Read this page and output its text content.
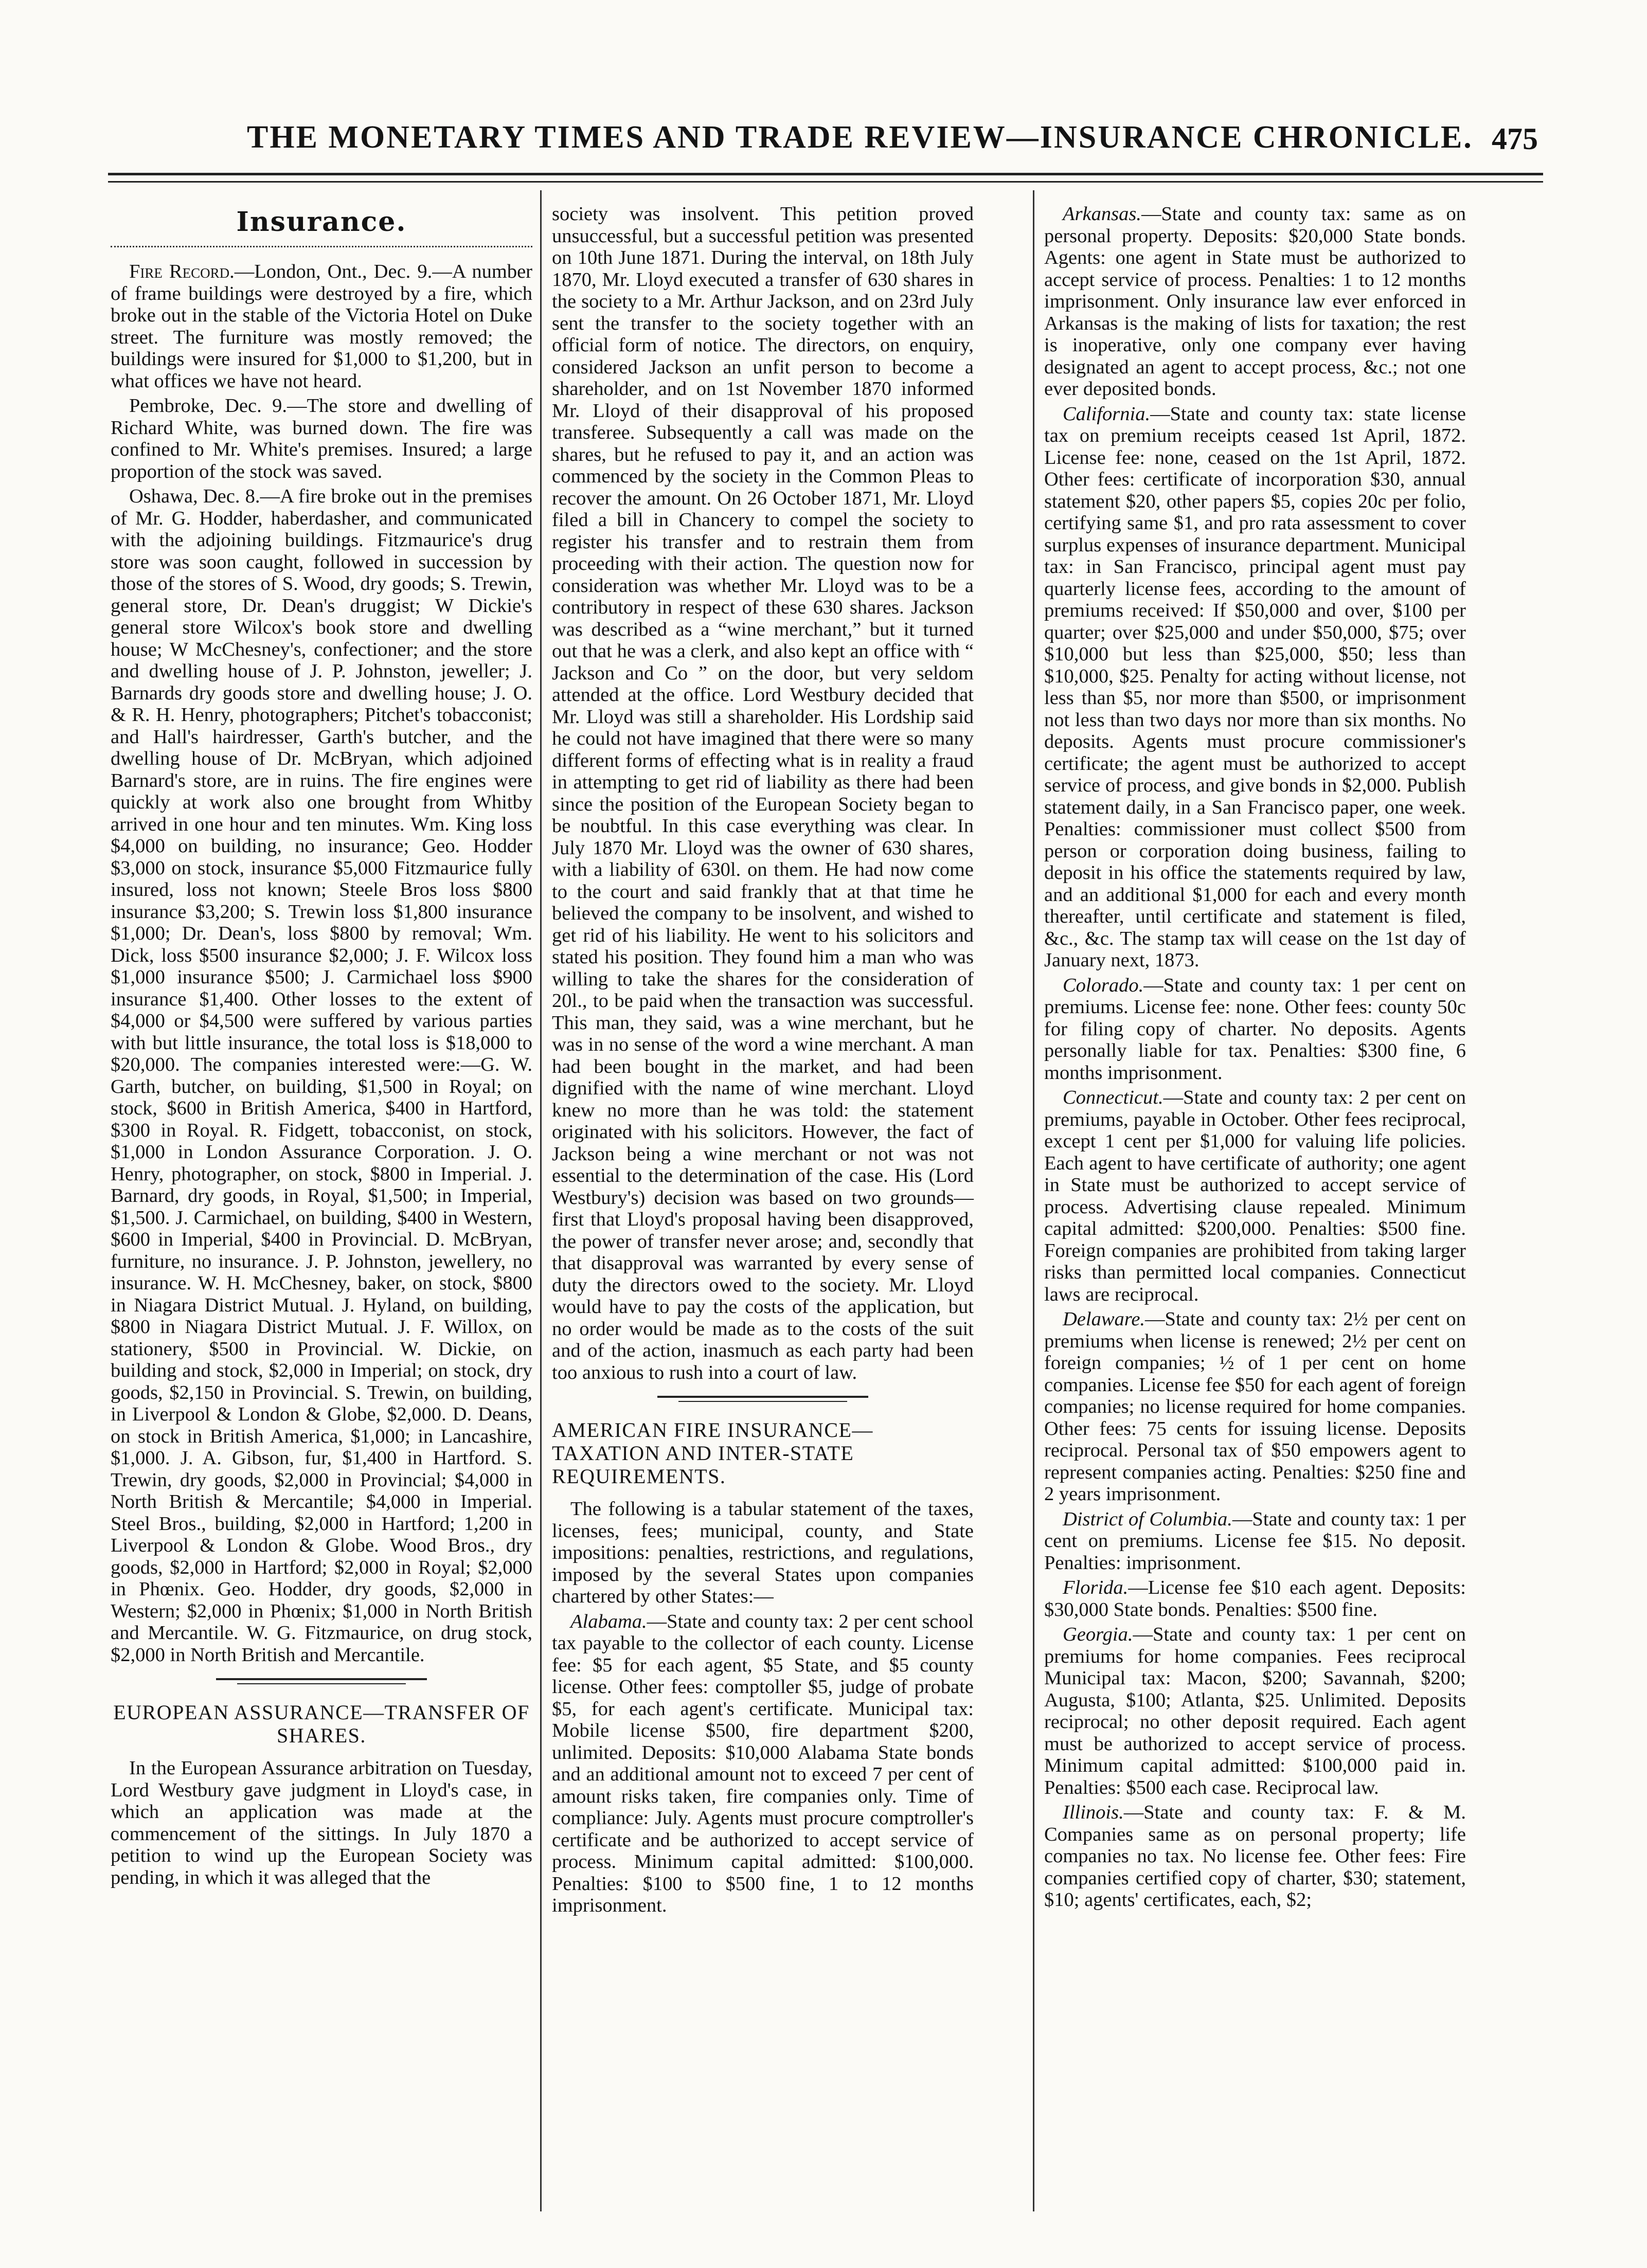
THE MONETARY TIMES AND TRADE REVIEW—INSURANCE CHRONICLE. 475
Insurance.

Fire Record.—London, Ont., Dec. 9.—A number of frame buildings were destroyed by a fire, which broke out in the stable of the Victoria Hotel on Duke street. The furniture was mostly removed; the buildings were insured for $1,000 to $1,200, but in what offices we have not heard.

Pembroke, Dec. 9.—The store and dwelling of Richard White, was burned down. The fire was confined to Mr. White's premises. Insured; a large proportion of the stock was saved.

Oshawa, Dec. 8.—A fire broke out in the premises of Mr. G. Hodder, haberdasher, and communicated with the adjoining buildings. Fitzmaurice's drug store was soon caught, followed in succession by those of the stores of S. Wood, dry goods; S. Trewin, general store, Dr. Dean's druggist; W Dickie's general store Wilcox's book store and dwelling house; W McChesney's, confectioner; and the store and dwelling house of J. P. Johnston, jeweller; J. Barnards dry goods store and dwelling house; J. O. & R. H. Henry, photographers; Pitchet's tobacconist; and Hall's hairdresser, Garth's butcher, and the dwelling house of Dr. McBryan, which adjoined Barnard's store, are in ruins. The fire engines were quickly at work also one brought from Whitby arrived in one hour and ten minutes. Wm. King loss $4,000 on building, no insurance; Geo. Hodder $3,000 on stock, insurance $5,000 Fitzmaurice fully insured, loss not known; Steele Bros loss $800 insurance $3,200; S. Trewin loss $1,800 insurance $1,000; Dr. Dean's, loss $800 by removal; Wm. Dick, loss $500 insurance $2,000; J. F. Wilcox loss $1,000 insurance $500; J. Carmichael loss $900 insurance $1,400. Other losses to the extent of $4,000 or $4,500 were suffered by various parties with but little insurance, the total loss is $18,000 to $20,000. The companies interested were:—G. W. Garth, butcher, on building, $1,500 in Royal; on stock, $600 in British America, $400 in Hartford, $300 in Royal. R. Fidgett, tobacconist, on stock, $1,000 in London Assurance Corporation. J. O. Henry, photographer, on stock, $800 in Imperial. J. Barnard, dry goods, in Royal, $1,500; in Imperial, $1,500. J. Carmichael, on building, $400 in Western, $600 in Imperial, $400 in Provincial. D. McBryan, furniture, no insurance. J. P. Johnston, jewellery, no insurance. W. H. McChesney, baker, on stock, $800 in Niagara District Mutual. J. Hyland, on building, $800 in Niagara District Mutual. J. F. Willox, on stationery, $500 in Provincial. W. Dickie, on building and stock, $2,000 in Imperial; on stock, dry goods, $2,150 in Provincial. S. Trewin, on building, in Liverpool & London & Globe, $2,000. D. Deans, on stock in British America, $1,000; in Lancashire, $1,000. J. A. Gibson, fur, $1,400 in Hartford. S. Trewin, dry goods, $2,000 in Provincial; $4,000 in North British & Mercantile; $4,000 in Imperial. Steel Bros., building, $2,000 in Hartford; 1,200 in Liverpool & London & Globe. Wood Bros., dry goods, $2,000 in Hartford; $2,000 in Royal; $2,000 in Phœnix. Geo. Hodder, dry goods, $2,000 in Western; $2,000 in Phœnix; $1,000 in North British and Mercantile. W. G. Fitzmaurice, on drug stock, $2,000 in North British and Mercantile.

EUROPEAN ASSURANCE—TRANSFER OF SHARES.

In the European Assurance arbitration on Tuesday, Lord Westbury gave judgment in Lloyd's case, in which an application was made at the commencement of the sittings. In July 1870 a petition to wind up the European Society was pending, in which it was alleged that the

society was insolvent. This petition proved unsuccessful, but a successful petition was presented on 10th June 1871. During the interval, on 18th July 1870, Mr. Lloyd executed a transfer of 630 shares in the society to a Mr. Arthur Jackson, and on 23rd July sent the transfer to the society together with an official form of notice. The directors, on enquiry, considered Jackson an unfit person to become a shareholder, and on 1st November 1870 informed Mr. Lloyd of their disapproval of his proposed transferee. Subsequently a call was made on the shares, but he refused to pay it, and an action was commenced by the society in the Common Pleas to recover the amount. On 26 October 1871, Mr. Lloyd filed a bill in Chancery to compel the society to register his transfer and to restrain them from proceeding with their action. The question now for consideration was whether Mr. Lloyd was to be a contributory in respect of these 630 shares. Jackson was described as a “wine merchant,” but it turned out that he was a clerk, and also kept an office with “ Jackson and Co ” on the door, but very seldom attended at the office. Lord Westbury decided that Mr. Lloyd was still a shareholder. His Lordship said he could not have imagined that there were so many different forms of effecting what is in reality a fraud in attempting to get rid of liability as there had been since the position of the European Society began to be noubtful. In this case everything was clear. In July 1870 Mr. Lloyd was the owner of 630 shares, with a liability of 630l. on them. He had now come to the court and said frankly that at that time he believed the company to be insolvent, and wished to get rid of his liability. He went to his solicitors and stated his position. They found him a man who was willing to take the shares for the consideration of 20l., to be paid when the transaction was successful. This man, they said, was a wine merchant, but he was in no sense of the word a wine merchant. A man had been bought in the market, and had been dignified with the name of wine merchant. Lloyd knew no more than he was told: the statement originated with his solicitors. However, the fact of Jackson being a wine merchant or not was not essential to the determination of the case. His (Lord Westbury's) decision was based on two grounds—first that Lloyd's proposal having been disapproved, the power of transfer never arose; and, secondly that that disapproval was warranted by every sense of duty the directors owed to the society. Mr. Lloyd would have to pay the costs of the application, but no order would be made as to the costs of the suit and of the action, inasmuch as each party had been too anxious to rush into a court of law.

AMERICAN FIRE INSURANCE—TAXATION AND INTER-STATE REQUIREMENTS.

The following is a tabular statement of the taxes, licenses, fees; municipal, county, and State impositions: penalties, restrictions, and regulations, imposed by the several States upon companies chartered by other States:—

Alabama.—State and county tax: 2 per cent school tax payable to the collector of each county. License fee: $5 for each agent, $5 State, and $5 county license. Other fees: comptoller $5, judge of probate $5, for each agent's certificate. Municipal tax: Mobile license $500, fire department $200, unlimited. Deposits: $10,000 Alabama State bonds and an additional amount not to exceed 7 per cent of amount risks taken, fire companies only. Time of compliance: July. Agents must procure comptroller's certificate and be authorized to accept service of process. Minimum capital admitted: $100,000. Penalties: $100 to $500 fine, 1 to 12 months imprisonment.

Arkansas.—State and county tax: same as on personal property. Deposits: $20,000 State bonds. Agents: one agent in State must be authorized to accept service of process. Penalties: 1 to 12 months imprisonment. Only insurance law ever enforced in Arkansas is the making of lists for taxation; the rest is inoperative, only one company ever having designated an agent to accept process, &c.; not one ever deposited bonds.

California.—State and county tax: state license tax on premium receipts ceased 1st April, 1872. License fee: none, ceased on the 1st April, 1872. Other fees: certificate of incorporation $30, annual statement $20, other papers $5, copies 20c per folio, certifying same $1, and pro rata assessment to cover surplus expenses of insurance department. Municipal tax: in San Francisco, principal agent must pay quarterly license fees, according to the amount of premiums received: If $50,000 and over, $100 per quarter; over $25,000 and under $50,000, $75; over $10,000 but less than $25,000, $50; less than $10,000, $25. Penalty for acting without license, not less than $5, nor more than $500, or imprisonment not less than two days nor more than six months. No deposits. Agents must procure commissioner's certificate; the agent must be authorized to accept service of process, and give bonds in $2,000. Publish statement daily, in a San Francisco paper, one week. Penalties: commissioner must collect $500 from person or corporation doing business, failing to deposit in his office the statements required by law, and an additional $1,000 for each and every month thereafter, until certificate and statement is filed, &c., &c. The stamp tax will cease on the 1st day of January next, 1873.

Colorado.—State and county tax: 1 per cent on premiums. License fee: none. Other fees: county 50c for filing copy of charter. No deposits. Agents personally liable for tax. Penalties: $300 fine, 6 months imprisonment.

Connecticut.—State and county tax: 2 per cent on premiums, payable in October. Other fees reciprocal, except 1 cent per $1,000 for valuing life policies. Each agent to have certificate of authority; one agent in State must be authorized to accept service of process. Advertising clause repealed. Minimum capital admitted: $200,000. Penalties: $500 fine. Foreign companies are prohibited from taking larger risks than permitted local companies. Connecticut laws are reciprocal.

Delaware.—State and county tax: 2½ per cent on premiums when license is renewed; 2½ per cent on foreign companies; ½ of 1 per cent on home companies. License fee $50 for each agent of foreign companies; no license required for home companies. Other fees: 75 cents for issuing license. Deposits reciprocal. Personal tax of $50 empowers agent to represent companies acting. Penalties: $250 fine and 2 years imprisonment.

District of Columbia.—State and county tax: 1 per cent on premiums. License fee $15. No deposit. Penalties: imprisonment.

Florida.—License fee $10 each agent. Deposits: $30,000 State bonds. Penalties: $500 fine.

Georgia.—State and county tax: 1 per cent on premiums for home companies. Fees reciprocal Municipal tax: Macon, $200; Savannah, $200; Augusta, $100; Atlanta, $25. Unlimited. Deposits reciprocal; no other deposit required. Each agent must be authorized to accept service of process. Minimum capital admitted: $100,000 paid in. Penalties: $500 each case. Reciprocal law.

Illinois.—State and county tax: F. & M. Companies same as on personal property; life companies no tax. No license fee. Other fees: Fire companies certified copy of charter, $30; statement, $10; agents' certificates, each, $2;
